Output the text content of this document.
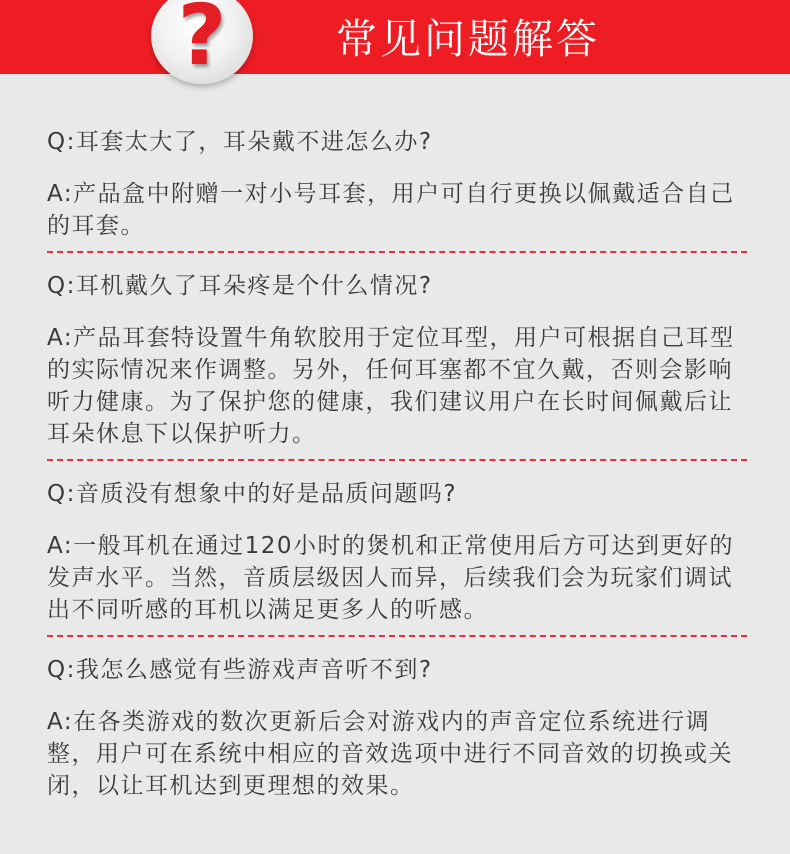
常见问题解答
?
Q:耳套太大了，耳朵戴不进怎么办?
A:产品盒中附赠一对小号耳套，用户可自行更换以佩戴适合自己的耳套。
Q:耳机戴久了耳朵疼是个什么情况?
A:产品耳套特设置牛角软胶用于定位耳型，用户可根据自己耳型的实际情况来作调整。另外，任何耳塞都不宜久戴，否则会影响听力健康。为了保护您的健康，我们建议用户在长时间佩戴后让耳朵休息下以保护听力。
Q:音质没有想象中的好是品质问题吗?
A:一般耳机在通过120小时的煲机和正常使用后方可达到更好的发声水平。当然，音质层级因人而异，后续我们会为玩家们调试出不同听感的耳机以满足更多人的听感。
Q:我怎么感觉有些游戏声音听不到?
A:在各类游戏的数次更新后会对游戏内的声音定位系统进行调整，用户可在系统中相应的音效选项中进行不同音效的切换或关闭，以让耳机达到更理想的效果。
